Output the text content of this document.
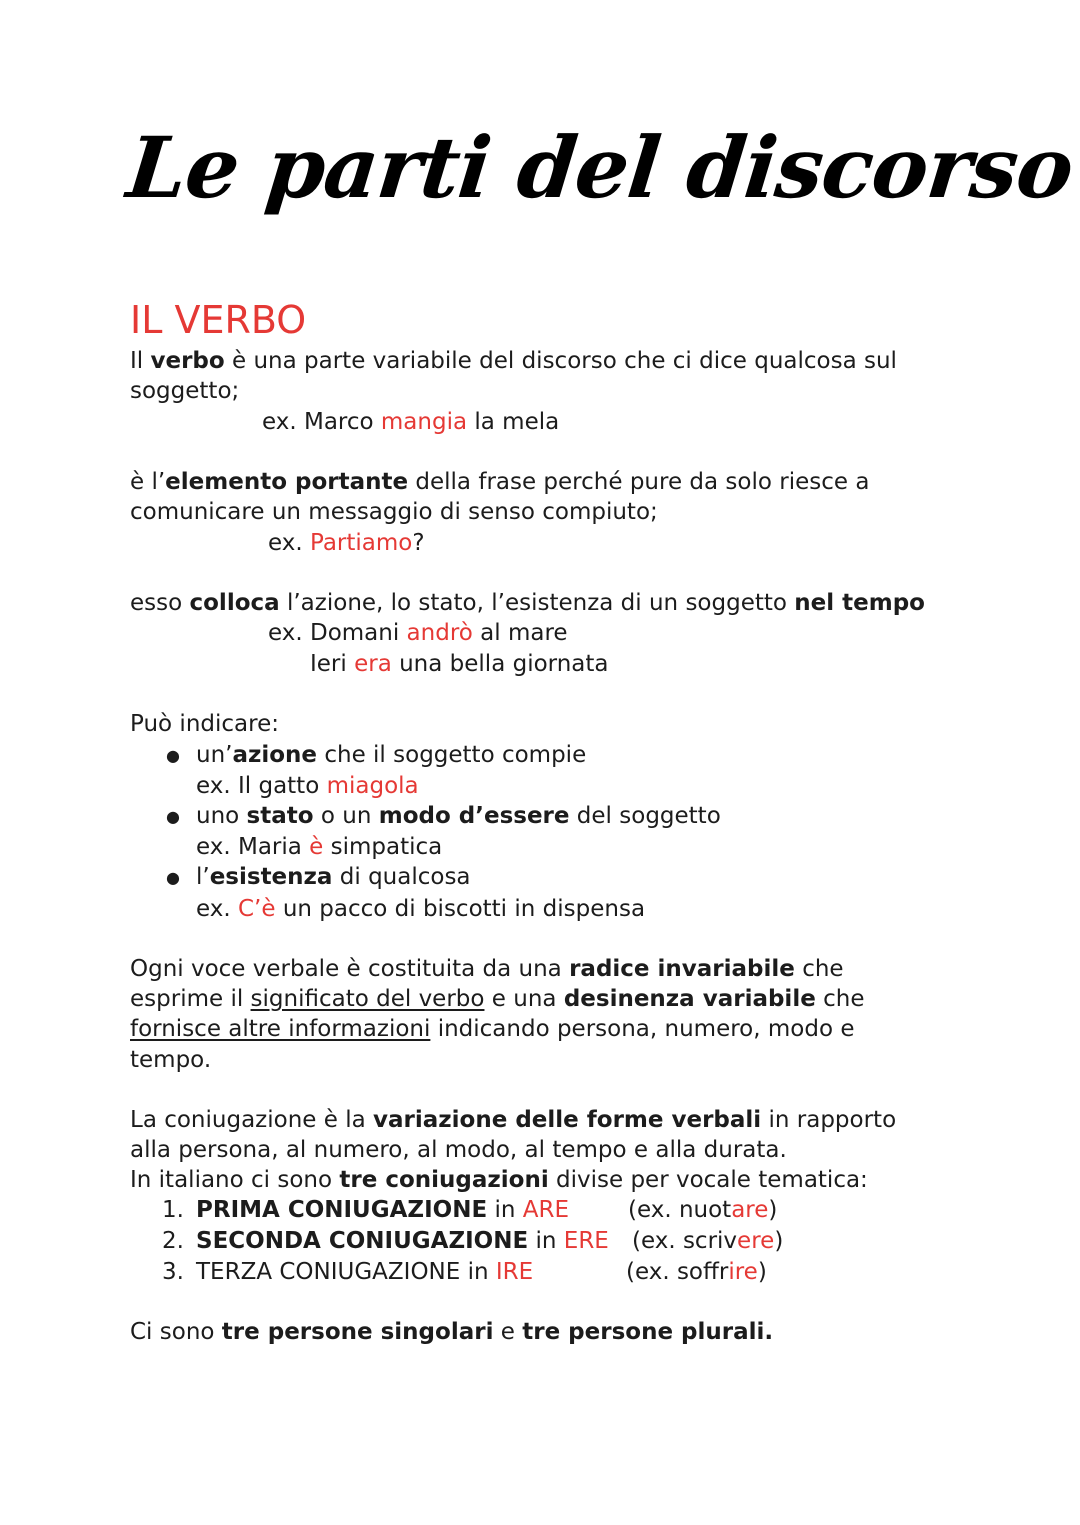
Le parti del discorso
IL VERBO
Il verbo è una parte variabile del discorso che ci dice qualcosa sul
soggetto;
ex. Marco mangia la mela
è l’elemento portante della frase perché pure da solo riesce a
comunicare un messaggio di senso compiuto;
ex. Partiamo?
esso colloca l’azione, lo stato, l’esistenza di un soggetto nel tempo
ex. Domani andrò al mare
Ieri era una bella giornata
Può indicare:
● un’azione che il soggetto compie
ex. Il gatto miagola
● uno stato o un modo d’essere del soggetto
ex. Maria è simpatica
● l’esistenza di qualcosa
ex. C’è un pacco di biscotti in dispensa
Ogni voce verbale è costituita da una radice invariabile che
esprime il significato del verbo e una desinenza variabile che
fornisce altre informazioni indicando persona, numero, modo e
tempo.
La coniugazione è la variazione delle forme verbali in rapporto
alla persona, al numero, al modo, al tempo e alla durata.
In italiano ci sono tre coniugazioni divise per vocale tematica:
1. PRIMA CONIUGAZIONE in ARE	(ex. nuotare)
2. SECONDA CONIUGAZIONE in ERE (ex. scrivere)
3. TERZA CONIUGAZIONE in IRE	(ex. soffrire)
Ci sono tre persone singolari e tre persone plurali.
